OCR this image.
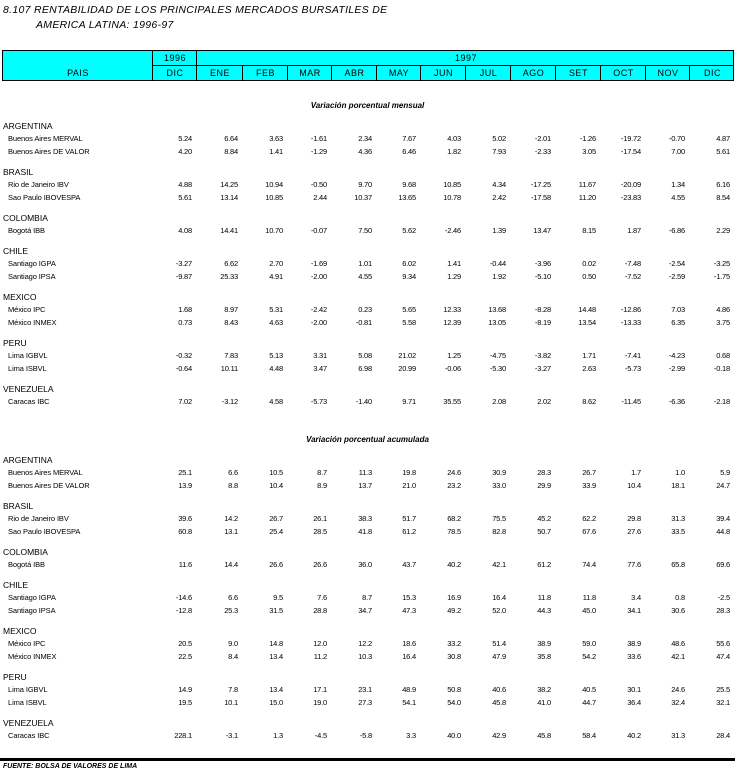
8.107 RENTABILIDAD DE LOS PRINCIPALES MERCADOS BURSATILES DE
AMERICA LATINA: 1996-97
PAIS
1996	1997
DIC	ENE	FEB	MAR	ABR	MAY	JUN	JUL	AGO	SET	OCT	NOV	DIC
Variación porcentual mensual
ARGENTINA
Buenos Aires MERVAL	5.24	6.64	3.63	-1.61	2.34	7.67	4.03	5.02	-2.01	-1.26	-19.72	-0.70	4.87
Buenos Aires DE VALOR	4.20	8.84	1.41	-1.29	4.36	6.46	1.82	7.93	-2.33	3.05	-17.54	7.00	5.61
BRASIL
Rio de Janeiro IBV	4.88	14.25	10.94	-0.50	9.70	9.68	10.85	4.34	-17.25	11.67	-20.09	1.34	6.16
Sao Paulo IBOVESPA	5.61	13.14	10.85	2.44	10.37	13.65	10.78	2.42	-17.58	11.20	-23.83	4.55	8.54
COLOMBIA
Bogotá IBB	4.08	14.41	10.70	-0.07	7.50	5.62	-2.46	1.39	13.47	8.15	1.87	-6.86	2.29
CHILE
Santiago IGPA	-3.27	6.62	2.70	-1.69	1.01	6.02	1.41	-0.44	-3.96	0.02	-7.48	-2.54	-3.25
Santiago IPSA	-9.87	25.33	4.91	-2.00	4.55	9.34	1.29	1.92	-5.10	0.50	-7.52	-2.59	-1.75
MEXICO
México IPC	1.68	8.97	5.31	-2.42	0.23	5.65	12.33	13.68	-8.28	14.48	-12.86	7.03	4.86
México INMEX	0.73	8.43	4.63	-2.00	-0.81	5.58	12.39	13.05	-8.19	13.54	-13.33	6.35	3.75
PERU
Lima IGBVL	-0.32	7.83	5.13	3.31	5.08	21.02	1.25	-4.75	-3.82	1.71	-7.41	-4.23	0.68
Lima ISBVL	-0.64	10.11	4.48	3.47	6.98	20.99	-0.06	-5.30	-3.27	2.63	-5.73	-2.99	-0.18
VENEZUELA
Caracas IBC	7.02	-3.12	4.58	-5.73	-1.40	9.71	35.55	2.08	2.02	8.62	-11.45	-6.36	-2.18
Variación porcentual acumulada
ARGENTINA
Buenos Aires MERVAL	25.1	6.6	10.5	8.7	11.3	19.8	24.6	30.9	28.3	26.7	1.7	1.0	5.9
Buenos Aires DE VALOR	13.9	8.8	10.4	8.9	13.7	21.0	23.2	33.0	29.9	33.9	10.4	18.1	24.7
BRASIL
Rio de Janeiro IBV	39.6	14.2	26.7	26.1	38.3	51.7	68.2	75.5	45.2	62.2	29.8	31.3	39.4
Sao Paulo IBOVESPA	60.8	13.1	25.4	28.5	41.8	61.2	78.5	82.8	50.7	67.6	27.6	33.5	44.8
COLOMBIA
Bogotá IBB	11.6	14.4	26.6	26.6	36.0	43.7	40.2	42.1	61.2	74.4	77.6	65.8	69.6
CHILE
Santiago IGPA	-14.6	6.6	9.5	7.6	8.7	15.3	16.9	16.4	11.8	11.8	3.4	0.8	-2.5
Santiago IPSA	-12.8	25.3	31.5	28.8	34.7	47.3	49.2	52.0	44.3	45.0	34.1	30.6	28.3
MEXICO
México IPC	20.5	9.0	14.8	12.0	12.2	18.6	33.2	51.4	38.9	59.0	38.9	48.6	55.6
México INMEX	22.5	8.4	13.4	11.2	10.3	16.4	30.8	47.9	35.8	54.2	33.6	42.1	47.4
PERU
Lima IGBVL	14.9	7.8	13.4	17.1	23.1	48.9	50.8	40.6	38.2	40.5	30.1	24.6	25.5
Lima ISBVL	19.5	10.1	15.0	19.0	27.3	54.1	54.0	45.8	41.0	44.7	36.4	32.4	32.1
VENEZUELA
Caracas IBC	228.1	-3.1	1.3	-4.5	-5.8	3.3	40.0	42.9	45.8	58.4	40.2	31.3	28.4
FUENTE: BOLSA DE VALORES DE LIMA
